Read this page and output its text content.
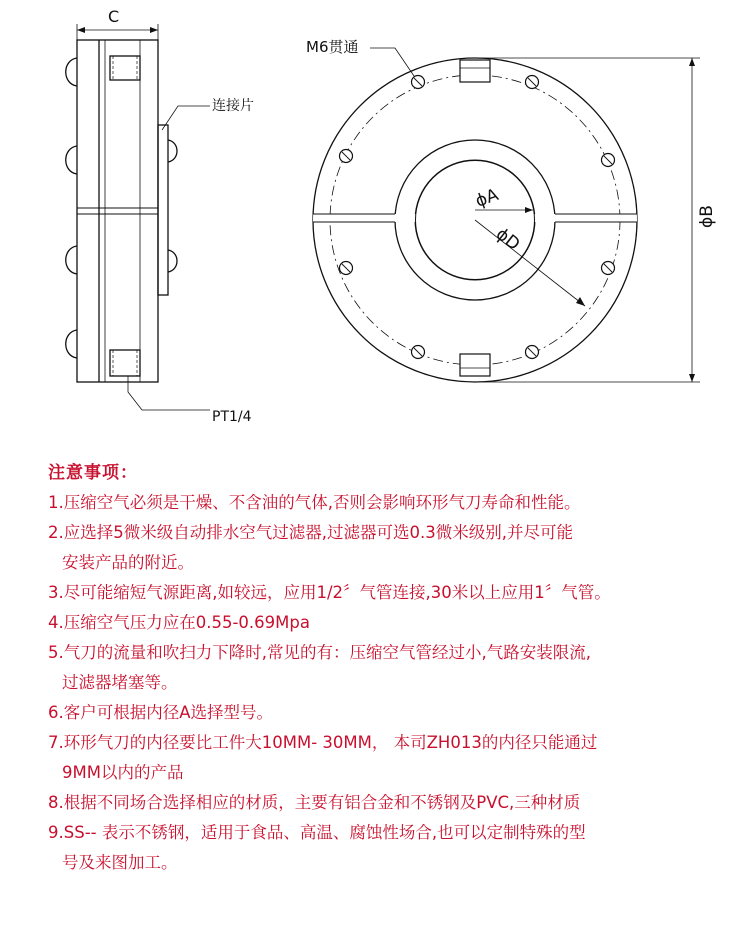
C
连接片
PT1/4
M6贯通
ϕA
ϕD
ϕB
注意事项：
1.压缩空气必须是干燥、不含油的气体,否则会影响环形气刀寿命和性能。
2.应选择5微米级自动排水空气过滤器,过滤器可选0.3微米级别,并尽可能
安装产品的附近。
3.尽可能缩短气源距离,如较远，应用1/2〞气管连接,30米以上应用1〞气管。
4.压缩空气压力应在0.55-0.69Mpa
5.气刀的流量和吹扫力下降时,常见的有：压缩空气管经过小,气路安装限流,
过滤器堵塞等。
6.客户可根据内径A选择型号。
7.环形气刀的内径要比工件大10MM- 30MM， 本司ZH013的内径只能通过
9MM以内的产品
8.根据不同场合选择相应的材质，主要有铝合金和不锈钢及PVC,三种材质
9.SS-- 表示不锈钢，适用于食品、高温、腐蚀性场合,也可以定制特殊的型
号及来图加工。
